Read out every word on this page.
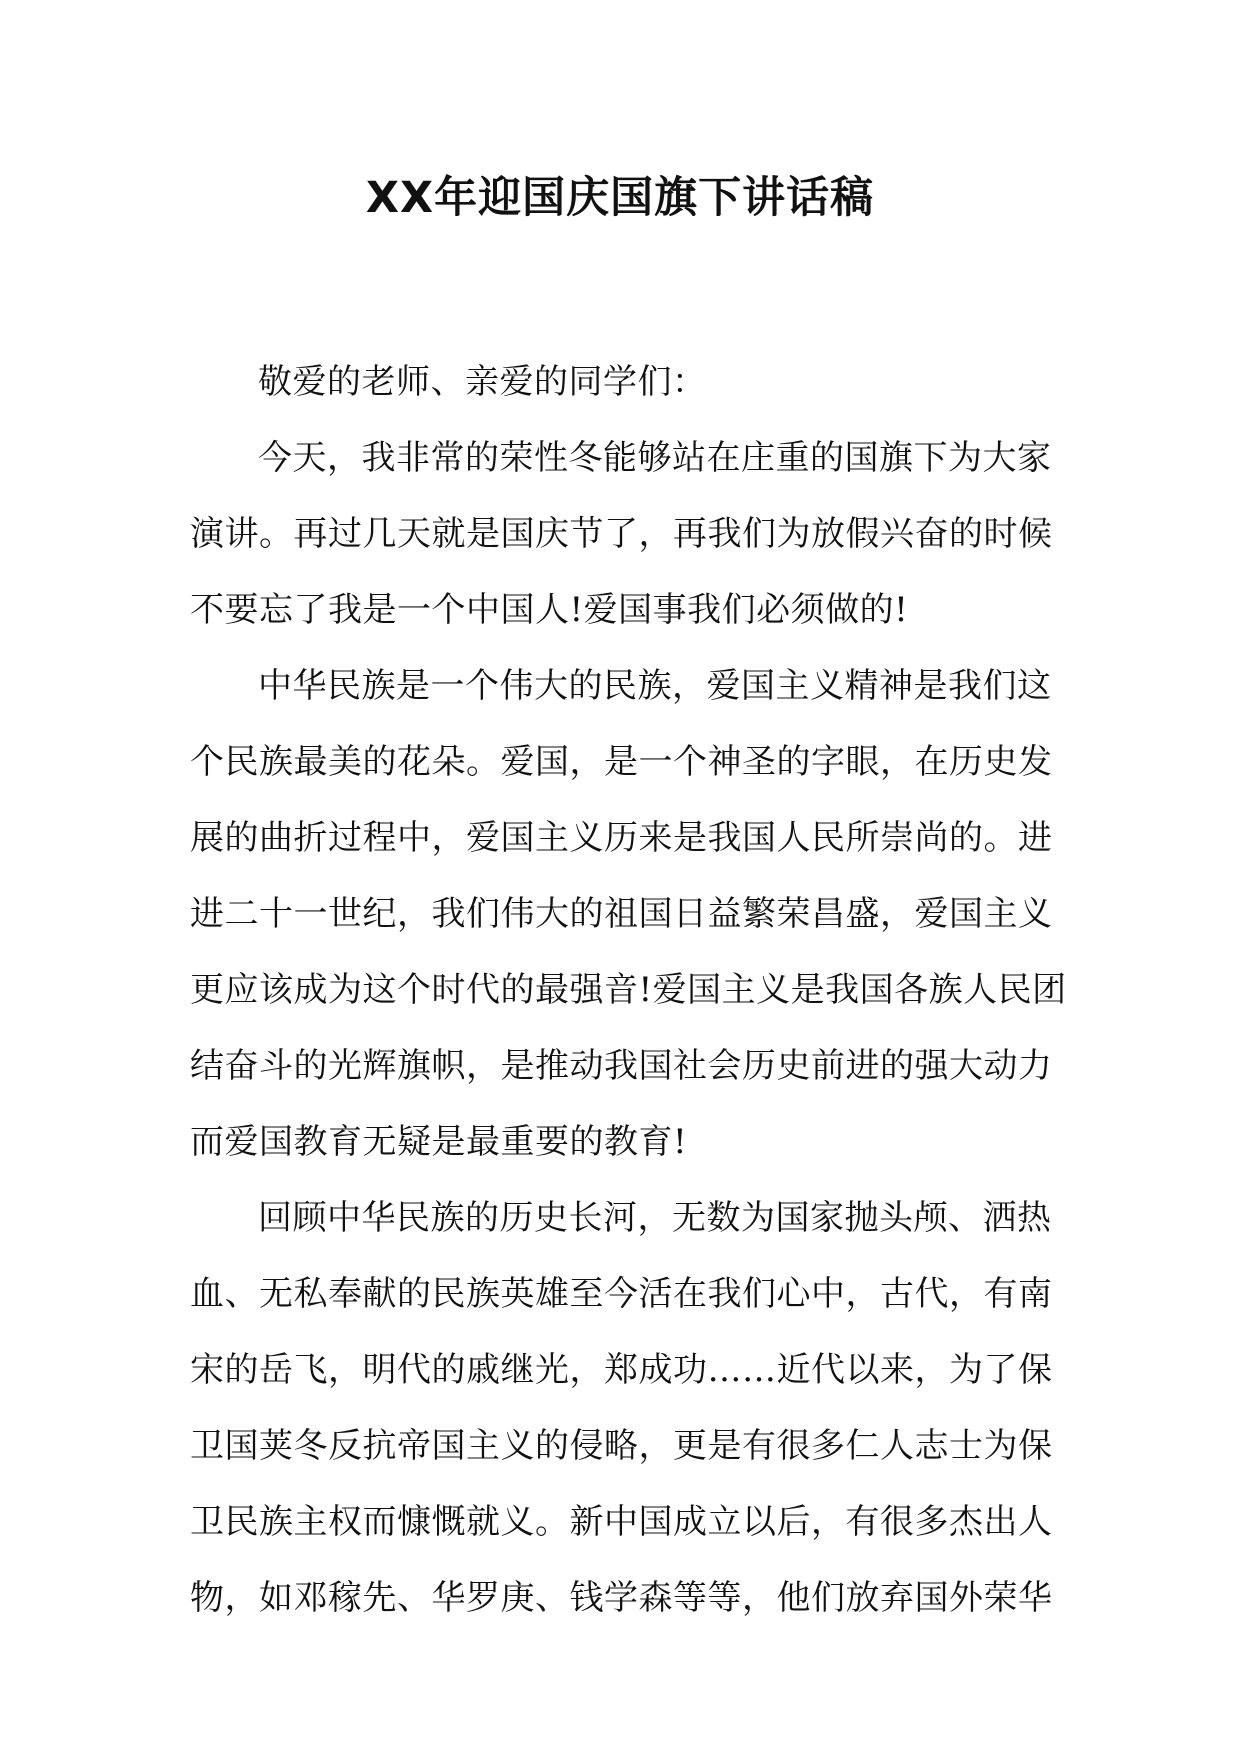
XX年迎国庆国旗下讲话稿
敬爱的老师、亲爱的同学们：
今天，我非常的荣性冬能够站在庄重的国旗下为大家
演讲。再过几天就是国庆节了，再我们为放假兴奋的时候
不要忘了我是一个中国人!爱国事我们必须做的!
中华民族是一个伟大的民族，爱国主义精神是我们这
个民族最美的花朵。爱国，是一个神圣的字眼，在历史发
展的曲折过程中，爱国主义历来是我国人民所崇尚的。进
进二十一世纪，我们伟大的祖国日益繁荣昌盛，爱国主义
更应该成为这个时代的最强音!爱国主义是我国各族人民团
结奋斗的光辉旗帜，是推动我国社会历史前进的强大动力
而爱国教育无疑是最重要的教育!
回顾中华民族的历史长河，无数为国家抛头颅、洒热
血、无私奉献的民族英雄至今活在我们心中，古代，有南
宋的岳飞，明代的戚继光，郑成功……近代以来，为了保
卫国荚冬反抗帝国主义的侵略，更是有很多仁人志士为保
卫民族主权而慷慨就义。新中国成立以后，有很多杰出人
物，如邓稼先、华罗庚、钱学森等等，他们放弃国外荣华
